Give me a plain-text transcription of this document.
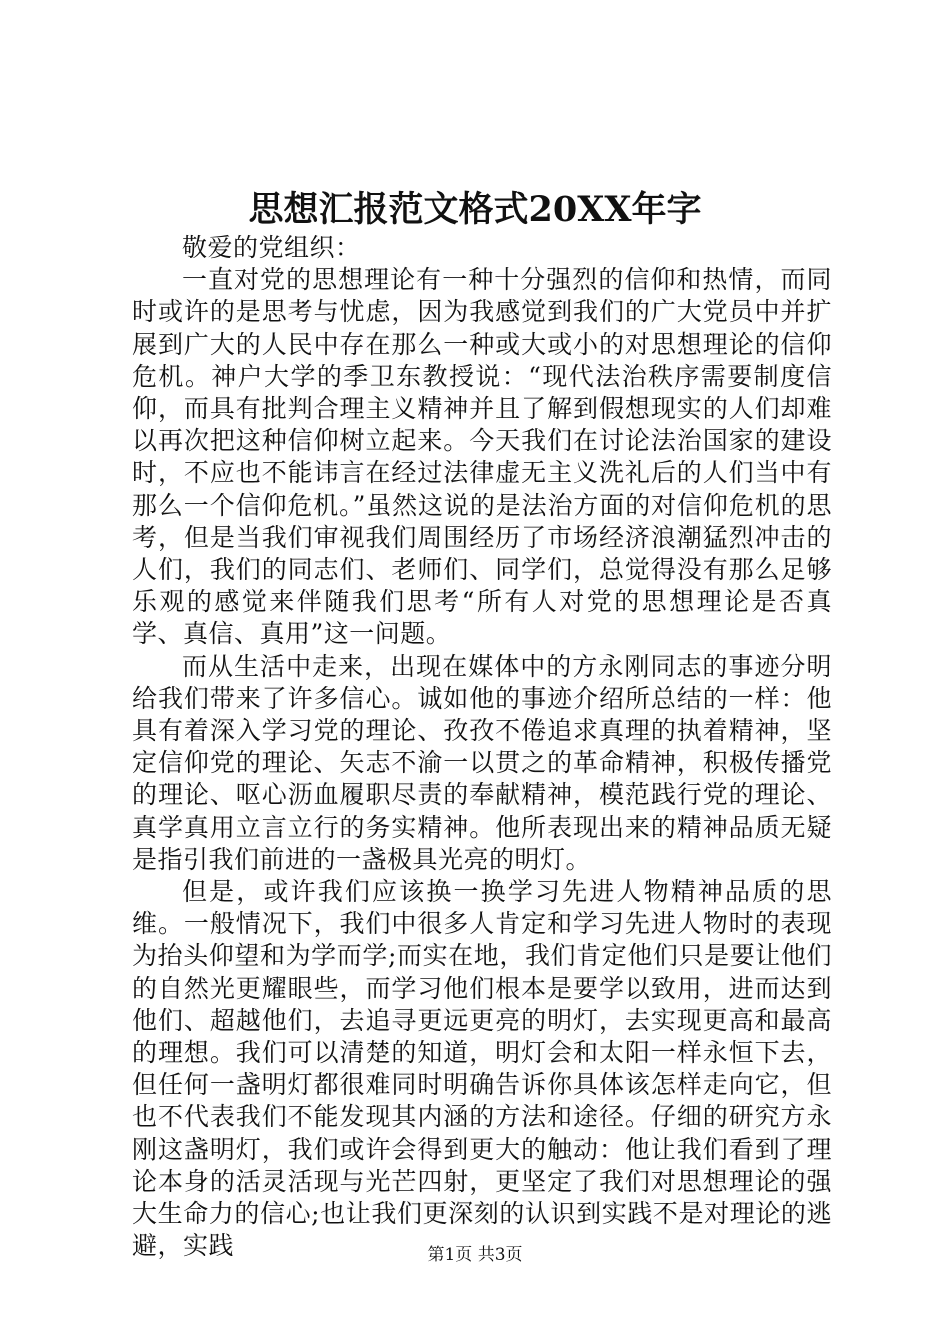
思想汇报范文格式20XX年字

敬爱的党组织：

一直对党的思想理论有一种十分强烈的信仰和热情，而同时或许的是思考与忧虑，因为我感觉到我们的广大党员中并扩展到广大的人民中存在那么一种或大或小的对思想理论的信仰危机。神户大学的季卫东教授说：“现代法治秩序需要制度信仰，而具有批判合理主义精神并且了解到假想现实的人们却难以再次把这种信仰树立起来。今天我们在讨论法治国家的建设时，不应也不能讳言在经过法律虚无主义洗礼后的人们当中有那么一个信仰危机。”虽然这说的是法治方面的对信仰危机的思考，但是当我们审视我们周围经历了市场经济浪潮猛烈冲击的人们，我们的同志们、老师们、同学们，总觉得没有那么足够乐观的感觉来伴随我们思考“所有人对党的思想理论是否真学、真信、真用”这一问题。

而从生活中走来，出现在媒体中的方永刚同志的事迹分明给我们带来了许多信心。诚如他的事迹介绍所总结的一样：他具有着深入学习党的理论、孜孜不倦追求真理的执着精神，坚定信仰党的理论、矢志不渝一以贯之的革命精神，积极传播党的理论、呕心沥血履职尽责的奉献精神，模范践行党的理论、真学真用立言立行的务实精神。他所表现出来的精神品质无疑是指引我们前进的一盏极具光亮的明灯。

但是，或许我们应该换一换学习先进人物精神品质的思维。一般情况下，我们中很多人肯定和学习先进人物时的表现为抬头仰望和为学而学;而实在地，我们肯定他们只是要让他们的自然光更耀眼些，而学习他们根本是要学以致用，进而达到他们、超越他们，去追寻更远更亮的明灯，去实现更高和最高的理想。我们可以清楚的知道，明灯会和太阳一样永恒下去，但任何一盏明灯都很难同时明确告诉你具体该怎样走向它，但也不代表我们不能发现其内涵的方法和途径。仔细的研究方永刚这盏明灯，我们或许会得到更大的触动：他让我们看到了理论本身的活灵活现与光芒四射，更坚定了我们对思想理论的强大生命力的信心;也让我们更深刻的认识到实践不是对理论的逃避，实践	第1页 共3页
